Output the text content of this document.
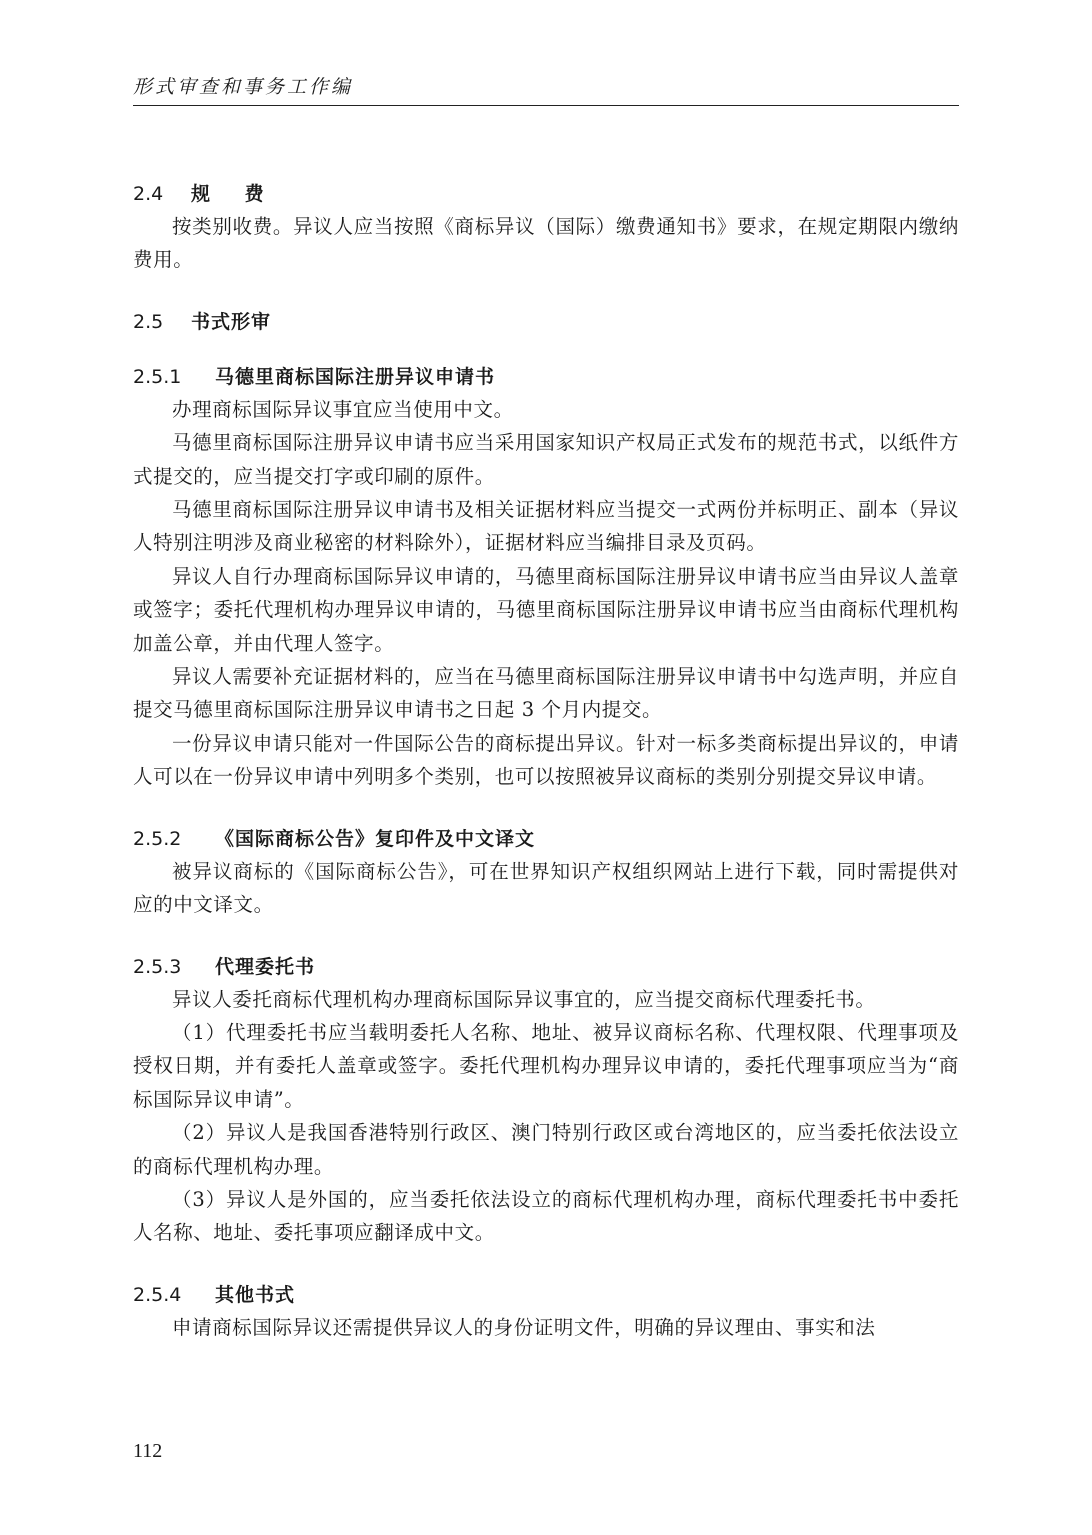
形式审查和事务工作编
2.4 规 费

按类别收费。异议人应当按照《商标异议（国际）缴费通知书》要求，在规定期限内缴纳费用。

2.5 书式形审
2.5.1 马德里商标国际注册异议申请书

办理商标国际异议事宜应当使用中文。

马德里商标国际注册异议申请书应当采用国家知识产权局正式发布的规范书式，以纸件方式提交的，应当提交打字或印刷的原件。

马德里商标国际注册异议申请书及相关证据材料应当提交一式两份并标明正、副本（异议人特别注明涉及商业秘密的材料除外），证据材料应当编排目录及页码。

异议人自行办理商标国际异议申请的，马德里商标国际注册异议申请书应当由异议人盖章或签字；委托代理机构办理异议申请的，马德里商标国际注册异议申请书应当由商标代理机构加盖公章，并由代理人签字。

异议人需要补充证据材料的，应当在马德里商标国际注册异议申请书中勾选声明，并应自提交马德里商标国际注册异议申请书之日起 3 个月内提交。

一份异议申请只能对一件国际公告的商标提出异议。针对一标多类商标提出异议的，申请人可以在一份异议申请中列明多个类别，也可以按照被异议商标的类别分别提交异议申请。

2.5.2 《国际商标公告》复印件及中文译文

被异议商标的《国际商标公告》，可在世界知识产权组织网站上进行下载，同时需提供对应的中文译文。

2.5.3 代理委托书

异议人委托商标代理机构办理商标国际异议事宜的，应当提交商标代理委托书。

（1）代理委托书应当载明委托人名称、地址、被异议商标名称、代理权限、代理事项及授权日期，并有委托人盖章或签字。委托代理机构办理异议申请的，委托代理事项应当为“商标国际异议申请”。

（2）异议人是我国香港特别行政区、澳门特别行政区或台湾地区的，应当委托依法设立的商标代理机构办理。

（3）异议人是外国的，应当委托依法设立的商标代理机构办理，商标代理委托书中委托人名称、地址、委托事项应翻译成中文。

2.5.4 其他书式

申请商标国际异议还需提供异议人的身份证明文件，明确的异议理由、事实和法

112
